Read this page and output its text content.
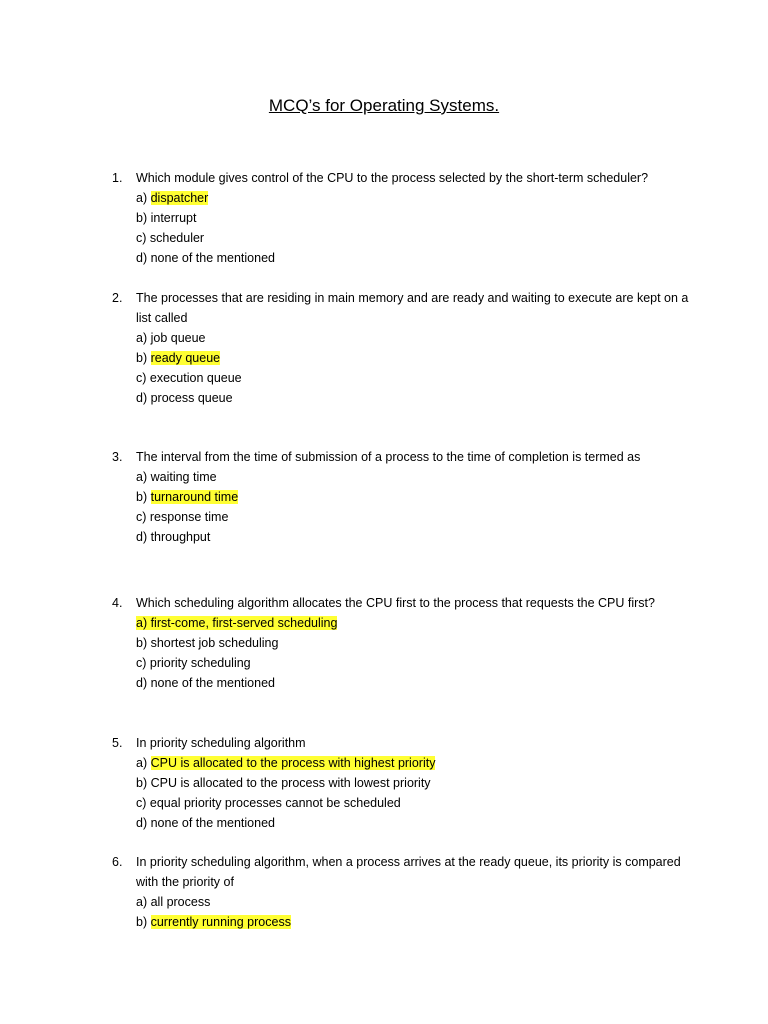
MCQ’s for Operating Systems.
1.	Which module gives control of the CPU to the process selected by the short-term scheduler?
a) dispatcher
b) interrupt
c) scheduler
d) none of the mentioned
2.	The processes that are residing in main memory and are ready and waiting to execute are kept on a list called
a) job queue
b) ready queue
c) execution queue
d) process queue
3.	The interval from the time of submission of a process to the time of completion is termed as
a) waiting time
b) turnaround time
c) response time
d) throughput
4.	Which scheduling algorithm allocates the CPU first to the process that requests the CPU first?
a) first-come, first-served scheduling
b) shortest job scheduling
c) priority scheduling
d) none of the mentioned
5.	In priority scheduling algorithm
a) CPU is allocated to the process with highest priority
b) CPU is allocated to the process with lowest priority
c) equal priority processes cannot be scheduled
d) none of the mentioned
6.	In priority scheduling algorithm, when a process arrives at the ready queue, its priority is compared with the priority of
a) all process
b) currently running process
